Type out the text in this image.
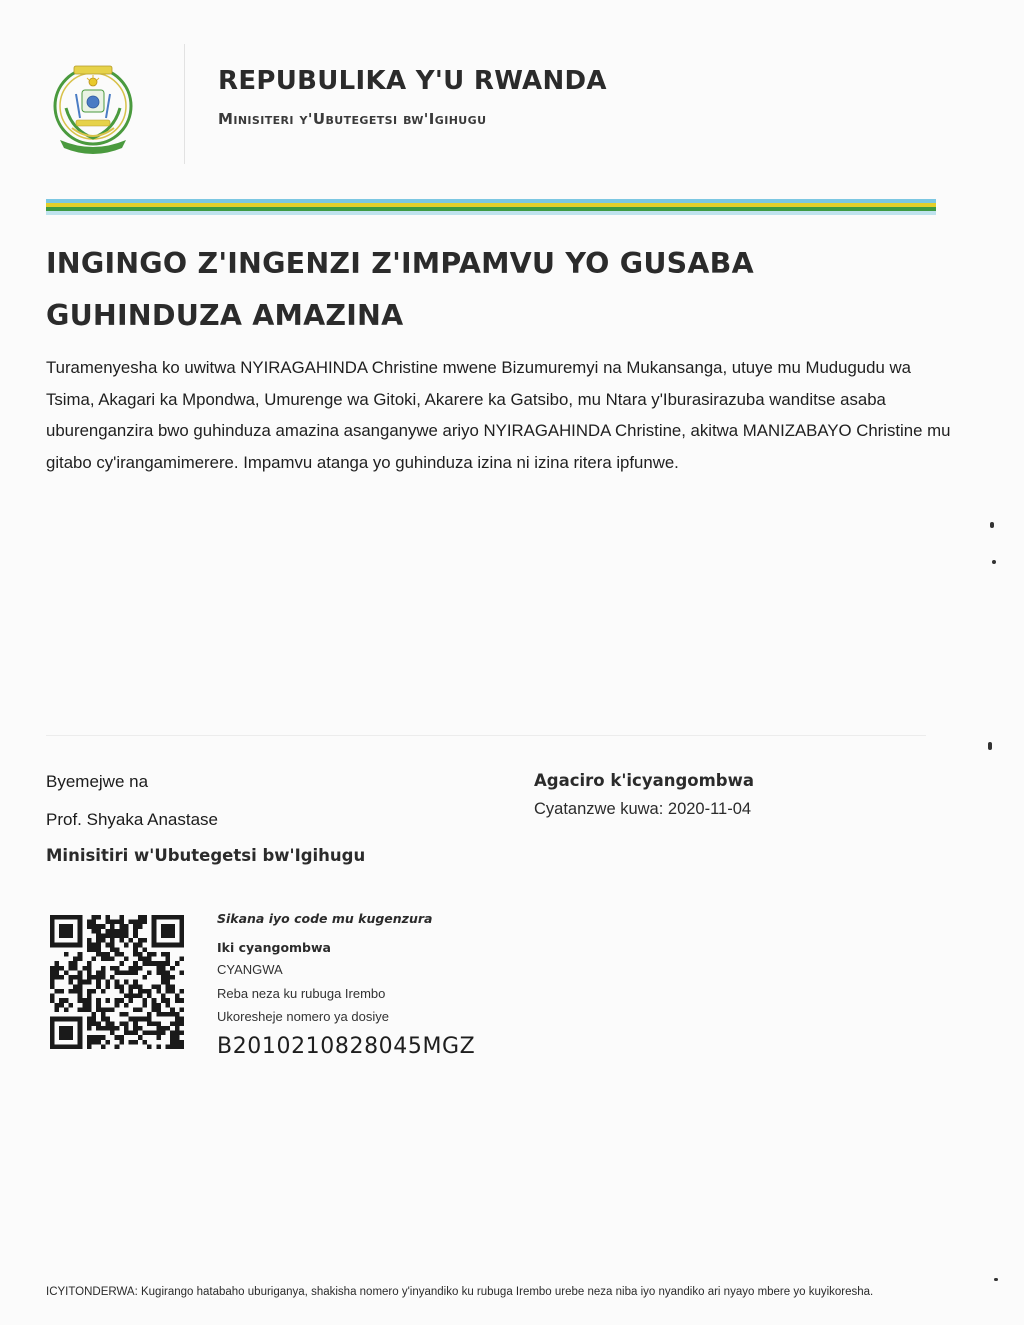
REPUBULIKA Y'U RWANDA
Minisiteri y'Ubutegetsi bw'Igihugu
INGINGO Z'INGENZI Z'IMPAMVU YO GUSABA GUHINDUZA AMAZINA

Turamenyesha ko uwitwa NYIRAGAHINDA Christine mwene Bizumuremyi na Mukansanga, utuye mu Mudugudu wa Tsima, Akagari ka Mpondwa, Umurenge wa Gitoki, Akarere ka Gatsibo, mu Ntara y'Iburasirazuba wanditse asaba uburenganzira bwo guhinduza amazina asanganywe ariyo NYIRAGAHINDA Christine, akitwa MANIZABAYO Christine mu gitabo cy'irangamimerere. Impamvu atanga yo guhinduza izina ni izina ritera ipfunwe.

Byemejwe na
Prof. Shyaka Anastase
Minisitiri w'Ubutegetsi bw'Igihugu
Agaciro k'icyangombwa
Cyatanzwe kuwa: 2020-11-04
Sikana iyo code mu kugenzura
Iki cyangombwa
CYANGWA
Reba neza ku rubuga Irembo
Ukoresheje nomero ya dosiye
B2010210828045MGZ

ICYITONDERWA: Kugirango hatabaho uburiganya, shakisha nomero y'inyandiko ku rubuga Irembo urebe neza niba iyo nyandiko ari nyayo mbere yo kuyikoresha.
